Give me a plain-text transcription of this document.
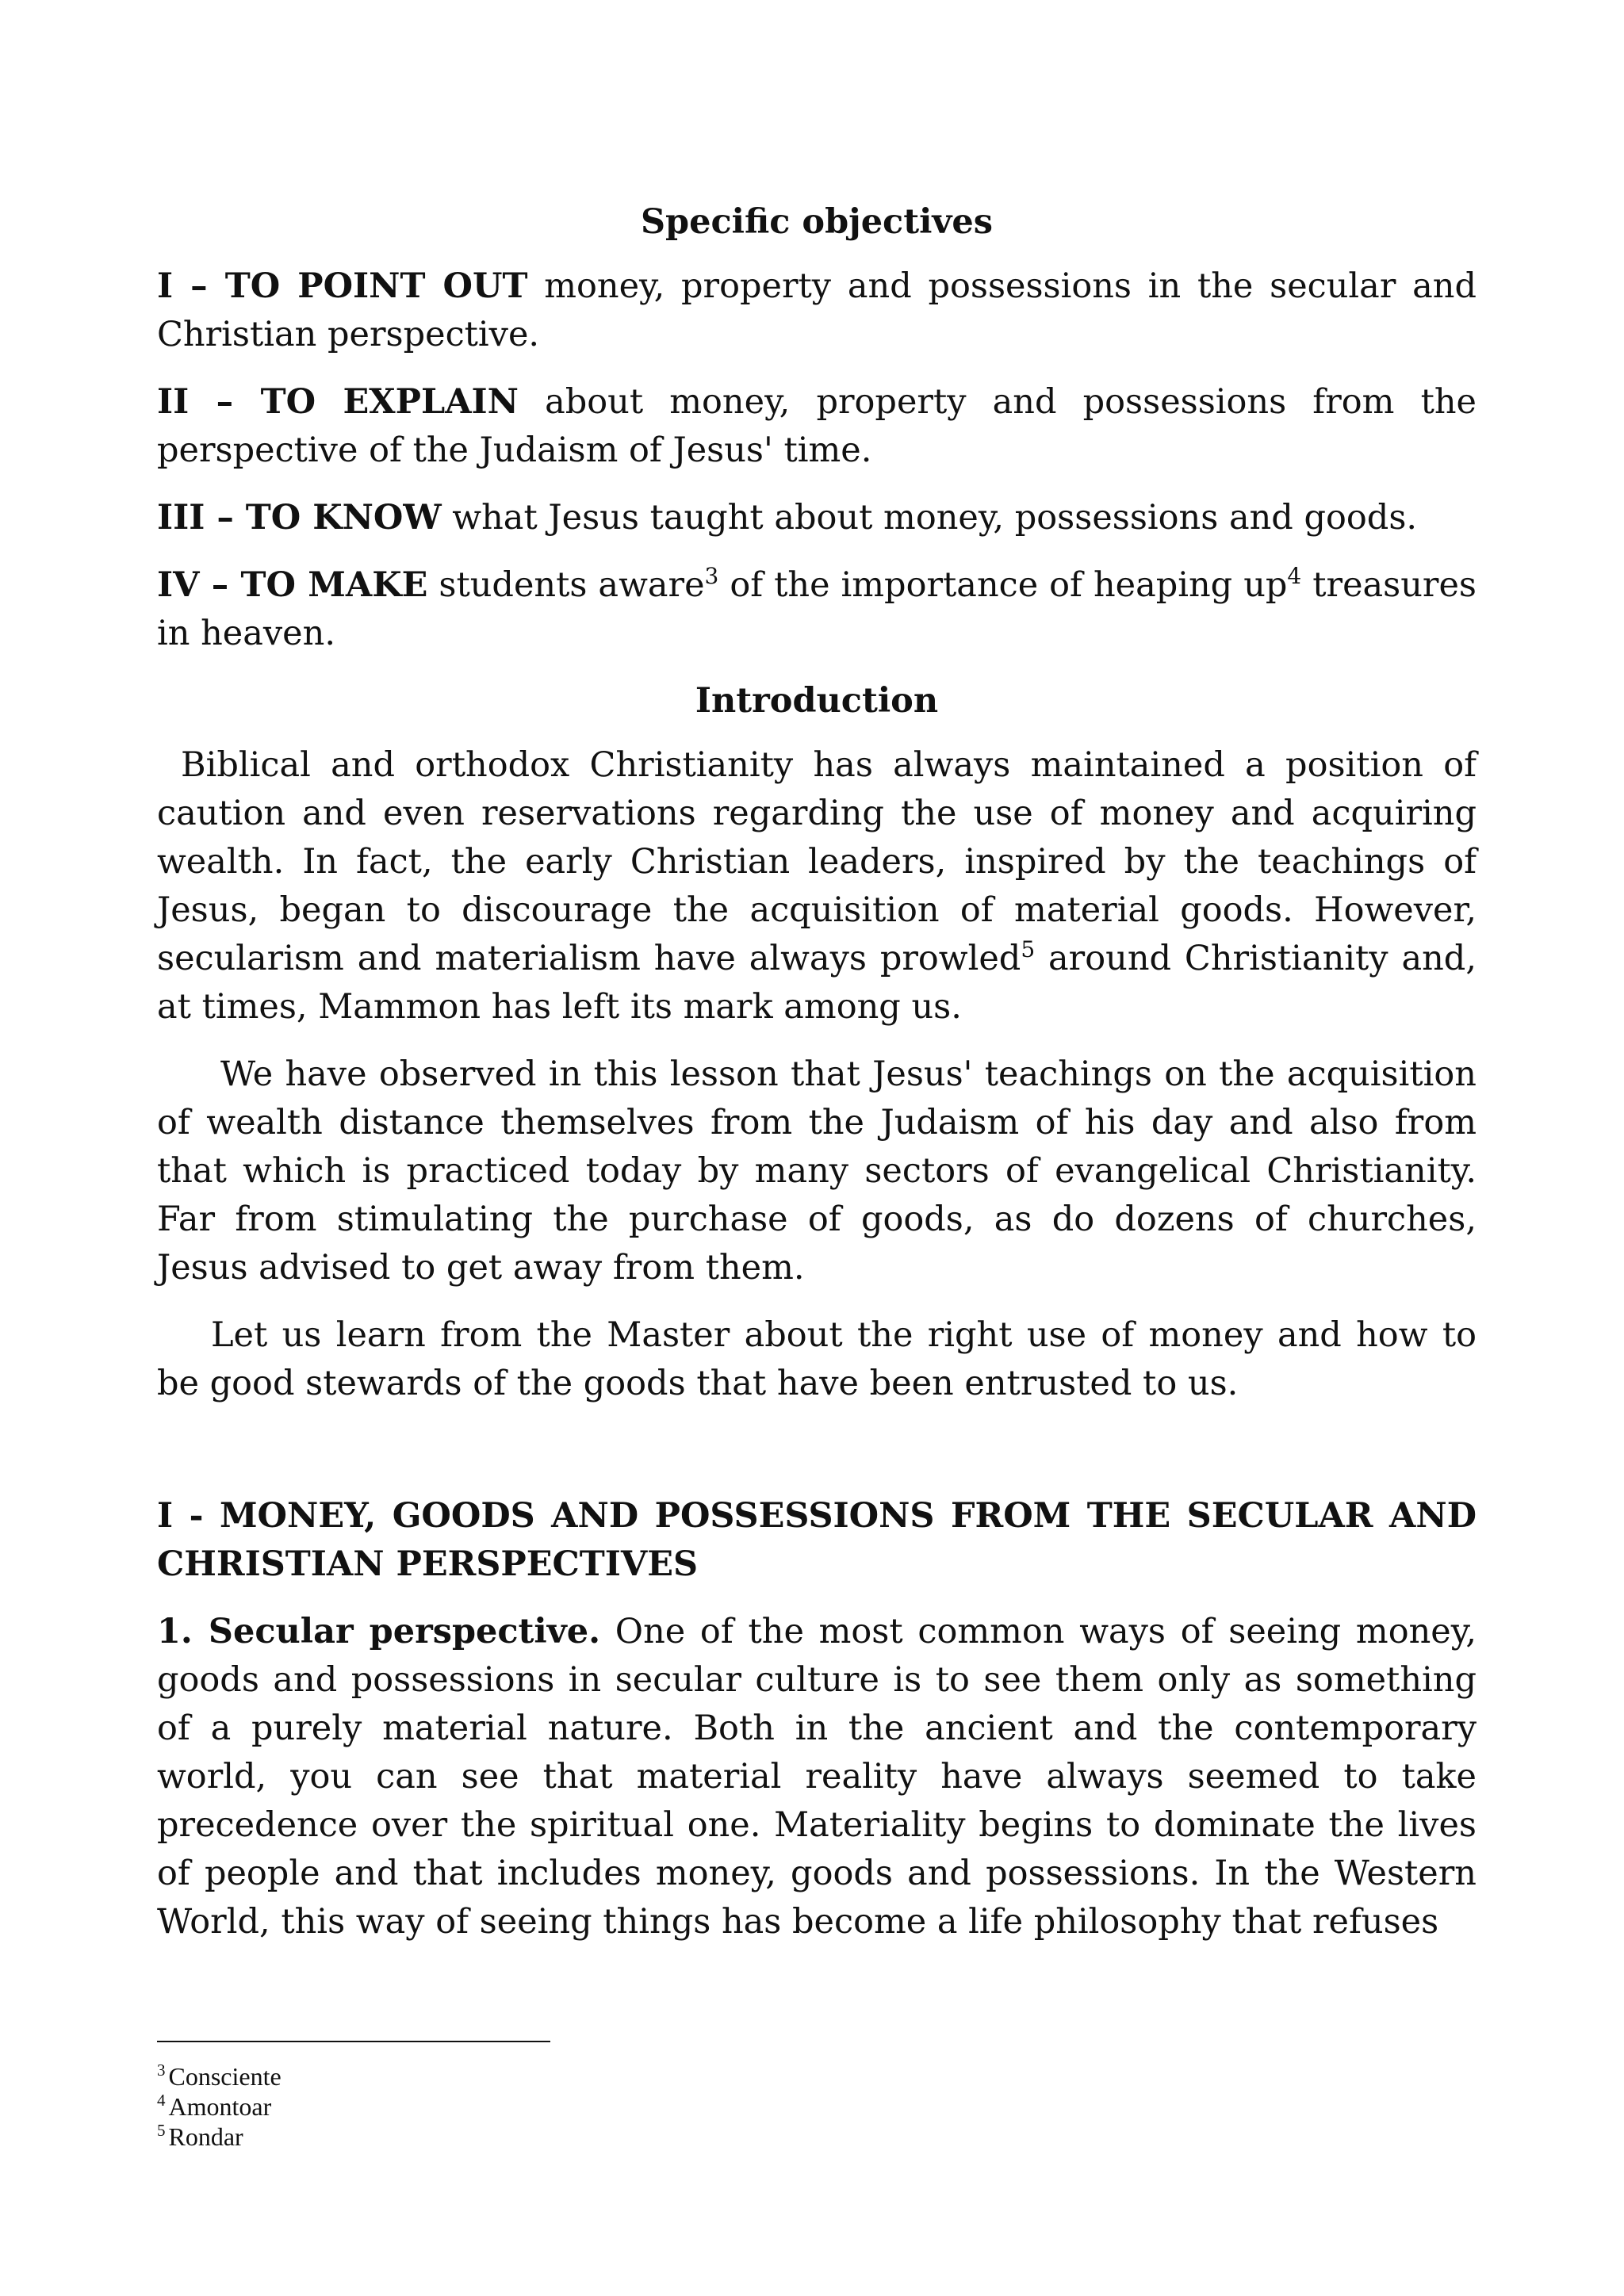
Specific objectives

I – TO POINT OUT money, property and possessions in the secular and Christian perspective.

II – TO EXPLAIN about money, property and possessions from the perspective of the Judaism of Jesus' time.

III – TO KNOW what Jesus taught about money, possessions and goods.

IV – TO MAKE students aware$^3$ of the importance of heaping $up^4$ treasures in heaven.

Introduction

Biblical and orthodox Christianity has always maintained a position of caution and even reservations regarding the use of money and acquiring wealth. In fact, the early Christian leaders, inspired by the teachings of Jesus, began to discourage the acquisition of material goods. However, secularism and materialism have always prowled$^5$ around Christianity and, at times, Mammon has left its mark among us.

We have observed in this lesson that Jesus' teachings on the acquisition of wealth distance themselves from the Judaism of his day and also from that which is practiced today by many sectors of evangelical Christianity. Far from stimulating the purchase of goods, as do dozens of churches, Jesus advised to get away from them.

Let us learn from the Master about the right use of money and how to be good stewards of the goods that have been entrusted to us.

I - MONEY, GOODS AND POSSESSIONS FROM THE SECULAR AND CHRISTIAN PERSPECTIVES

1. Secular perspective. One of the most common ways of seeing money, goods and possessions in secular culture is to see them only as something of a purely material nature. Both in the ancient and the contemporary world, you can see that material reality have always seemed to take precedence over the spiritual one. Materiality begins to dominate the lives of people and that includes money, goods and possessions. In the Western World, this way of seeing things has become a life philosophy that refuses

$^3$ Consciente
$^4$ Amontoar
$^5$ Rondar
